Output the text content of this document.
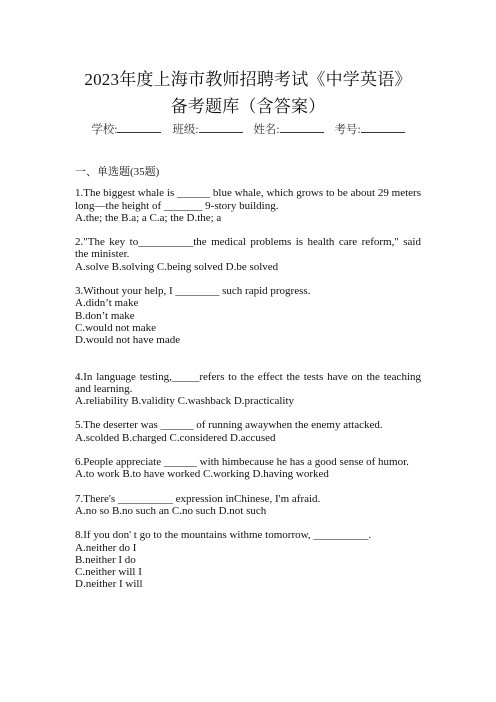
2023年度上海市教师招聘考试《中学英语》
备考题库（含答案）
学校:	班级:	姓名:	考号:
一、单选题(35题)
1.The biggest whale is ______ blue whale, which grows to be about 29 meters long—the height of _______ 9-story building.
A.the; the B.a; a C.a; the D.the; a
2."The key to__________the medical problems is health care reform," said the minister.
A.solve B.solving C.being solved D.be solved
3.Without your help, I ________ such rapid progress.
A.didn’t make
B.don’t make
C.would not make
D.would not have made
4.In language testing,_____refers to the effect the tests have on the teaching and learning.
A.reliability B.validity C.washback D.practicality
5.The deserter was ______ of running awaywhen the enemy attacked.
A.scolded B.charged C.considered D.accused
6.People appreciate ______ with himbecause he has a good sense of humor.
A.to work B.to have worked C.working D.having worked
7.There's __________ expression inChinese, I'm afraid.
A.no so B.no such an C.no such D.not such
8.If you don' t go to the mountains withme tomorrow, __________.
A.neither do I
B.neither I do
C.neither will I
D.neither I will
